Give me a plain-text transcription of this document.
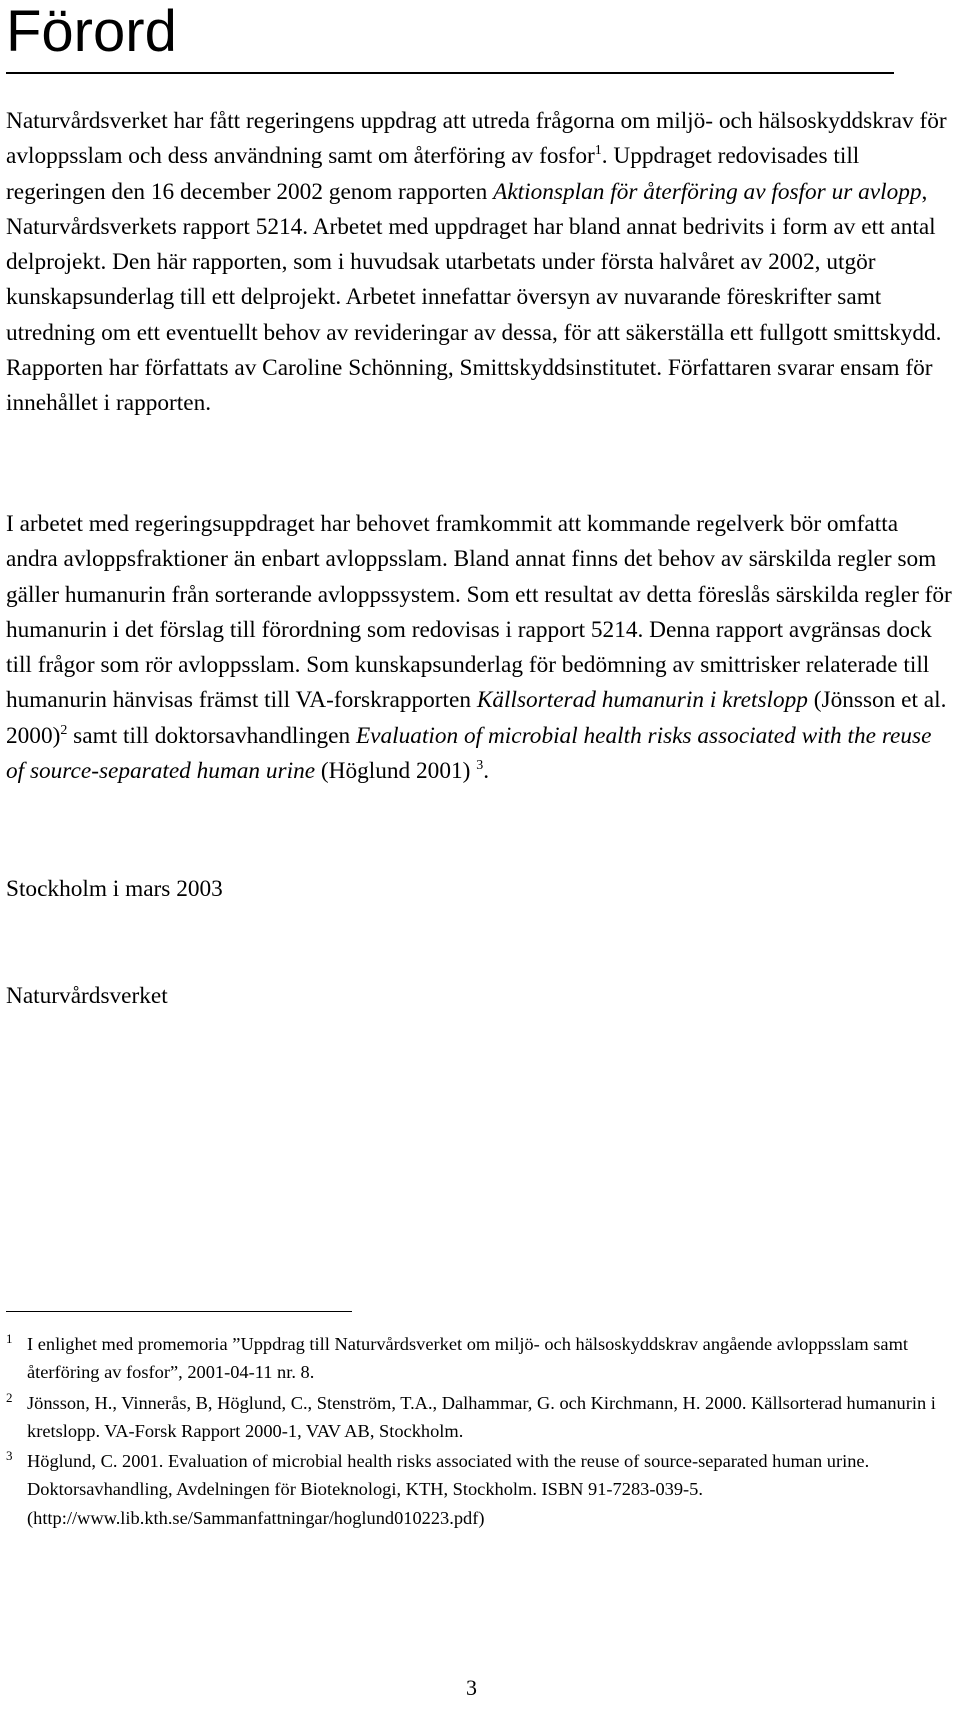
Förord

Naturvårdsverket har fått regeringens uppdrag att utreda frågorna om miljö- och hälsoskyddskrav för avloppsslam och dess användning samt om återföring av fosfor$^1$. Uppdraget redovisades till regeringen den 16 december 2002 genom rapporten Aktionsplan för återföring av fosfor ur avlopp, Naturvårdsverkets rapport 5214. Arbetet med uppdraget har bland annat bedrivits i form av ett antal delprojekt. Den här rapporten, som i huvudsak utarbetats under första halvåret av 2002, utgör kunskapsunderlag till ett delprojekt. Arbetet innefattar översyn av nuvarande föreskrifter samt utredning om ett eventuellt behov av revideringar av dessa, för att säkerställa ett fullgott smittskydd. Rapporten har författats av Caroline Schönning, Smittskyddsinstitutet. Författaren svarar ensam för innehållet i rapporten.

I arbetet med regeringsuppdraget har behovet framkommit att kommande regelverk bör omfatta andra avloppsfraktioner än enbart avloppsslam. Bland annat finns det behov av särskilda regler som gäller humanurin från sorterande avloppssystem. Som ett resultat av detta föreslås särskilda regler för humanurin i det förslag till förordning som redovisas i rapport 5214. Denna rapport avgränsas dock till frågor som rör avloppsslam. Som kunskapsunderlag för bedömning av smittrisker relaterade till humanurin hänvisas främst till VA-forskrapporten Källsorterad humanurin i kretslopp (Jönsson et al. 2000)$^2$ samt till doktorsavhandlingen Evaluation of microbial health risks associated with the reuse of source-separated human urine (Höglund 2001) $^3$.

Stockholm i mars 2003

Naturvårdsverket

1 I enlighet med promemoria ”Uppdrag till Naturvårdsverket om miljö- och hälsoskyddskrav angående avloppsslam samt återföring av fosfor”, 2001-04-11 nr. 8.
2 Jönsson, H., Vinnerås, B, Höglund, C., Stenström, T.A., Dalhammar, G. och Kirchmann, H. 2000. Källsorterad humanurin i kretslopp. VA-Forsk Rapport 2000-1, VAV AB, Stockholm.
3 Höglund, C. 2001. Evaluation of microbial health risks associated with the reuse of source-separated human urine. Doktorsavhandling, Avdelningen för Bioteknologi, KTH, Stockholm. ISBN 91-7283-039-5. (http://www.lib.kth.se/Sammanfattningar/hoglund010223.pdf)
3
